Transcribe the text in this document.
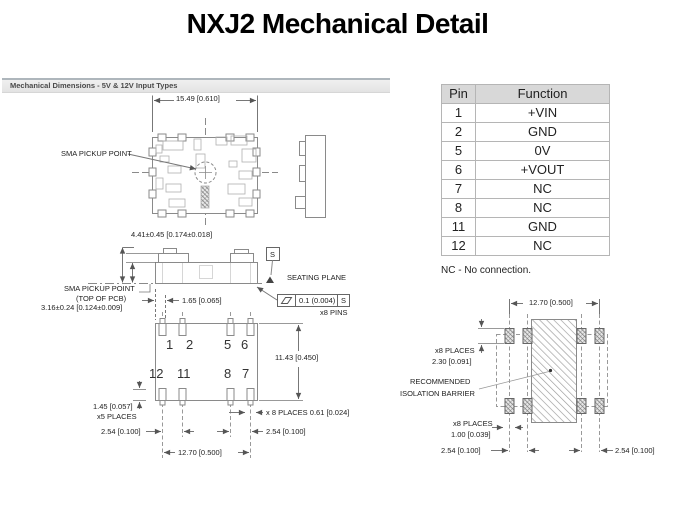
NXJ2 Mechanical Detail
Mechanical Dimensions - 5V & 12V Input Types
15.49 [0.610]
SMA PICKUP POINT
4.41±0.45 [0.174±0.018]
S
SEATING PLANE
SMA PICKUP POINT
(TOP OF PCB)
3.16±0.24 [0.124±0.009]
1.65 [0.065]	0.1 (0.004) S
x8 PINS
1 2 5 6
12 11	8 7
11.43 [0.450]
1.45 [0.057]
x5 PLACES	x 8 PLACES 0.61 [0.024]
2.54 [0.100]	2.54 [0.100]
12.70 [0.500]
Pin	Function
1	+VIN
2	GND
5	0V
6	+VOUT
7	NC
8	NC
11	GND
12	NC
NC - No connection.
12.70 [0.500]
x8 PLACES
2.30 [0.091]
RECOMMENDED
ISOLATION BARRIER
x8 PLACES
1.00 [0.039]
2.54 [0.100]	2.54 [0.100]
